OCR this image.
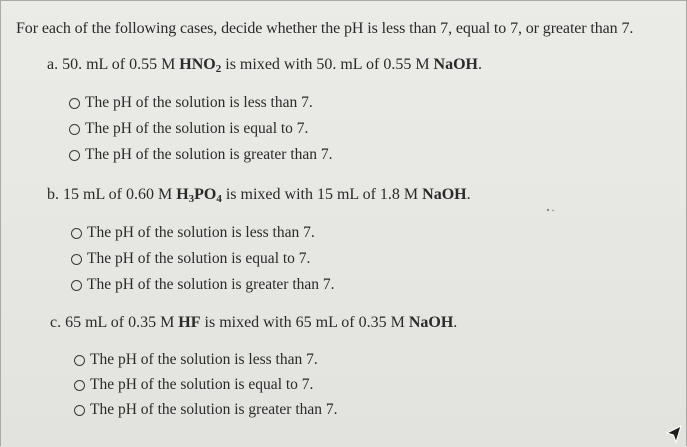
For each of the following cases, decide whether the pH is less than 7, equal to 7, or greater than 7.
a. 50. mL of 0.55 M $HNO_2$ is mixed with 50. mL of 0.55 M NaOH.
The pH of the solution is less than 7.
The pH of the solution is equal to 7.
The pH of the solution is greater than 7.
b. 15 mL of 0.60 M $H_3PO_4$ is mixed with 15 mL of 1.8 M NaOH.
The pH of the solution is less than 7.
The pH of the solution is equal to 7.
The pH of the solution is greater than 7.
c. 65 mL of 0.35 M HF is mixed with 65 mL of 0.35 M NaOH.
The pH of the solution is less than 7.
The pH of the solution is equal to 7.
The pH of the solution is greater than 7.
